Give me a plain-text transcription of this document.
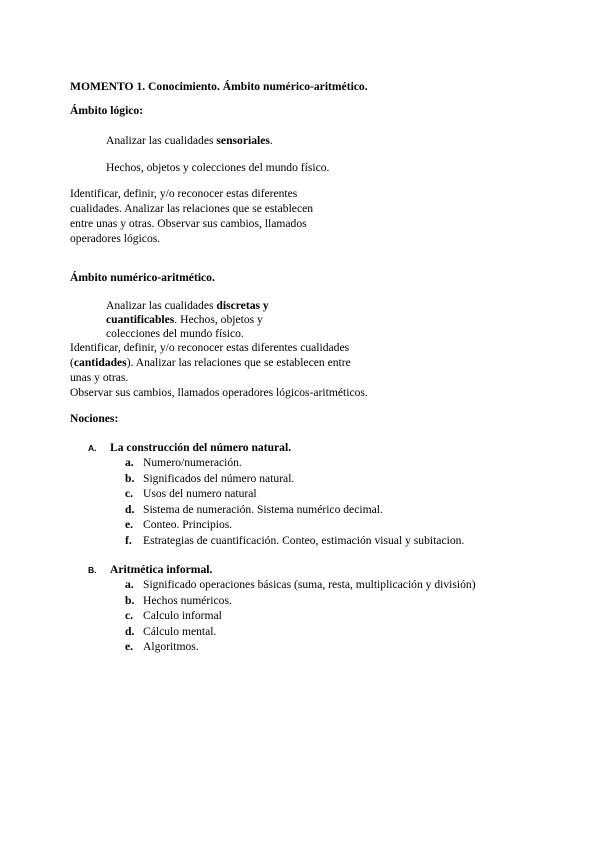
MOMENTO 1. Conocimiento. Ámbito numérico-aritmético.
Ámbito lógico:
Analizar las cualidades sensoriales.
Hechos, objetos y colecciones del mundo físico.
Identificar, definir, y/o reconocer estas diferentes
cualidades. Analizar las relaciones que se establecen
entre unas y otras. Observar sus cambios, llamados
operadores lógicos.
Ámbito numérico-aritmético.
Analizar las cualidades discretas y
cuantificables. Hechos, objetos y
colecciones del mundo físico.
Identificar, definir, y/o reconocer estas diferentes cualidades
(cantidades). Analizar las relaciones que se establecen entre
unas y otras.
Observar sus cambios, llamados operadores lógicos-aritméticos.
Nociones:
A. La construcción del número natural.
a. Numero/numeración.
b. Significados del número natural.
c. Usos del numero natural
d. Sistema de numeración. Sistema numérico decimal.
e. Conteo. Principios.
f. Estrategias de cuantificación. Conteo, estimación visual y subitacion.
B. Aritmética informal.
a. Significado operaciones básicas (suma, resta, multiplicación y división)
b. Hechos numéricos.
c. Calculo informal
d. Cálculo mental.
e. Algoritmos.
